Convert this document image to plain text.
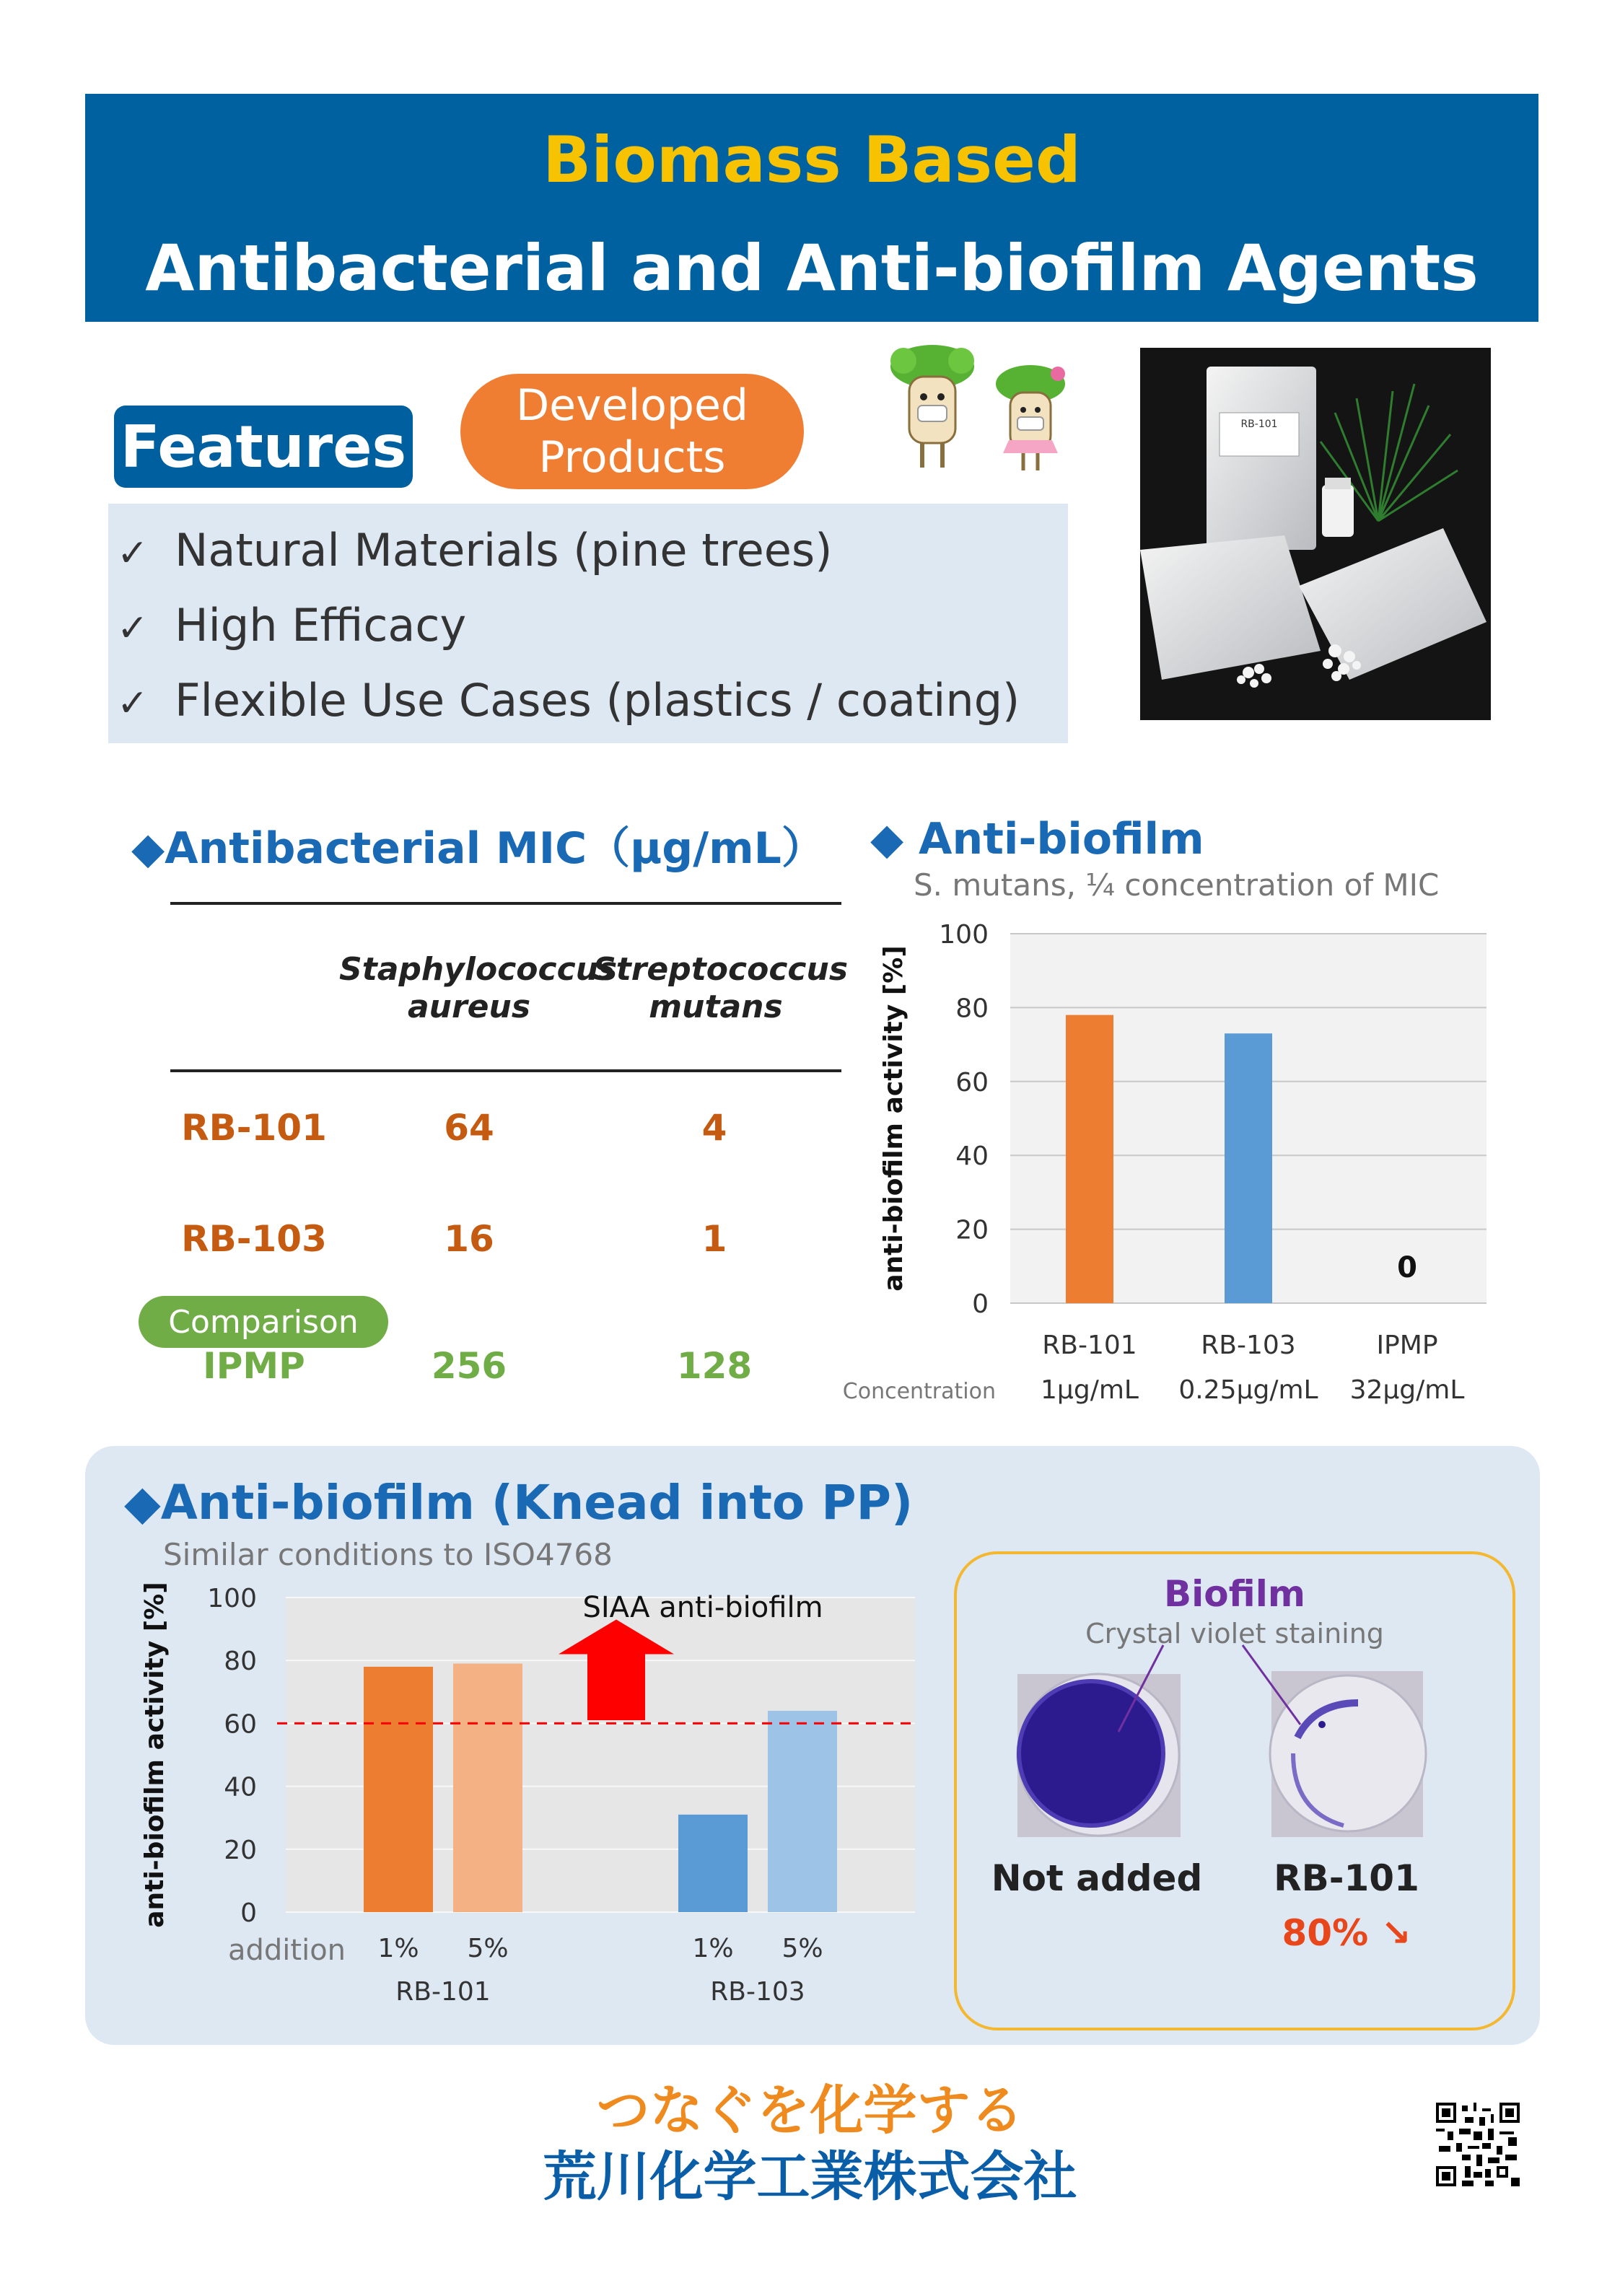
Biomass Based
Antibacterial and Anti-biofilm Agents
Features
Developed
Products
✓ Natural Materials (pine trees)
✓ High Efficacy
✓ Flexible Use Cases (plastics / coating)
RB-101
◆Antibacterial MIC（μg/mL）
Staphylococcus
aureus
Streptococcus
mutans
RB-101	64	4
RB-103	16	1
Comparison
IPMP	256	128
◆ Anti-biofilm
S. mutans, ¼ concentration of MIC
0
20
40
60
80
100
anti-biofilm activity [%]
RB-101
1μg/mL
RB-103
0.25μg/mL
0
IPMP
32μg/mL
Concentration
◆Anti-biofilm (Knead into PP)
Similar conditions to ISO4768
0
20
40
60
80
100
anti-biofilm activity [%]
1% 5%
RB-101
1% 5%
RB-103
addition
SIAA anti-biofilm	Biofilm
Crystal violet staining
Not added	RB-101
80% ↘
つなぐを化学する
荒川化学工業株式会社
